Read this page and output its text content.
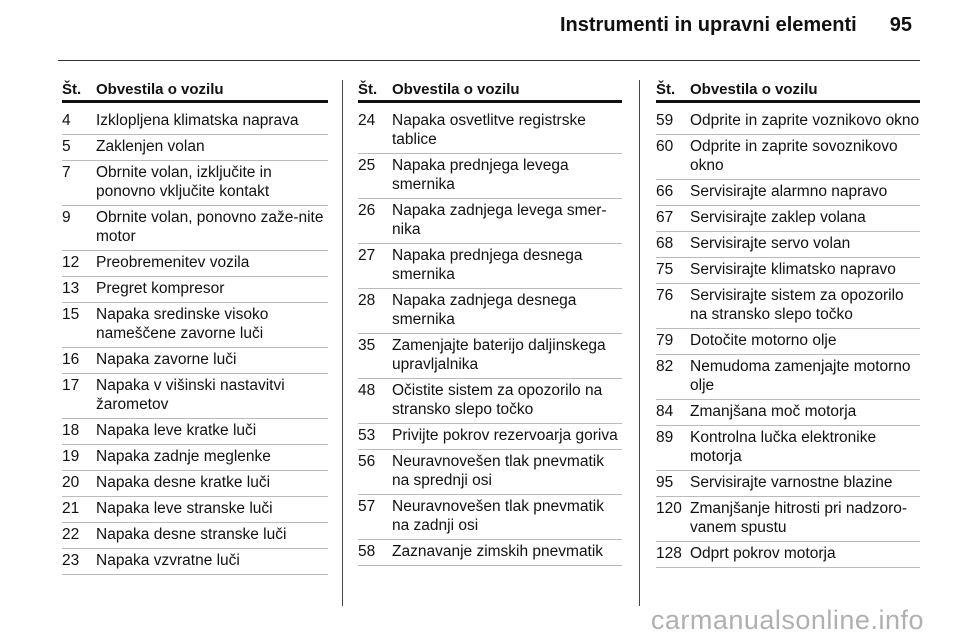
Instrumenti in upravni elementi 95
Št. Obvestila o vozilu
4	Izklopljena klimatska naprava
5	Zaklenjen volan
7	Obrnite volan, izključite in ponovno vključite kontakt
9	Obrnite volan, ponovno zaže-nite motor
12	Preobremenitev vozila
13	Pregret kompresor
15	Napaka sredinske visoko nameščene zavorne luči
16	Napaka zavorne luči
17	Napaka v višinski nastavitvi žarometov
18	Napaka leve kratke luči
19	Napaka zadnje meglenke
20	Napaka desne kratke luči
21	Napaka leve stranske luči
22	Napaka desne stranske luči
23	Napaka vzvratne luči
Št. Obvestila o vozilu
24	Napaka osvetlitve registrske tablice
25	Napaka prednjega levega smernika
26	Napaka zadnjega levega smer-nika
27	Napaka prednjega desnega smernika
28	Napaka zadnjega desnega smernika
35	Zamenjajte baterijo daljinskega upravljalnika
48	Očistite sistem za opozorilo na stransko slepo točko
53	Privijte pokrov rezervoarja goriva
56	Neuravnovešen tlak pnevmatik na sprednji osi
57	Neuravnovešen tlak pnevmatik na zadnji osi
58	Zaznavanje zimskih pnevmatik
Št. Obvestila o vozilu
59	Odprite in zaprite voznikovo okno
60	Odprite in zaprite sovoznikovo okno
66	Servisirajte alarmno napravo
67	Servisirajte zaklep volana
68	Servisirajte servo volan
75	Servisirajte klimatsko napravo
76	Servisirajte sistem za opozorilo na stransko slepo točko
79	Dotočite motorno olje
82	Nemudoma zamenjajte motorno olje
84	Zmanjšana moč motorja
89	Kontrolna lučka elektronike motorja
95	Servisirajte varnostne blazine
120 Zmanjšanje hitrosti pri nadzoro-vanem spustu
128 Odprt pokrov motorja
carmanualsonline.info
